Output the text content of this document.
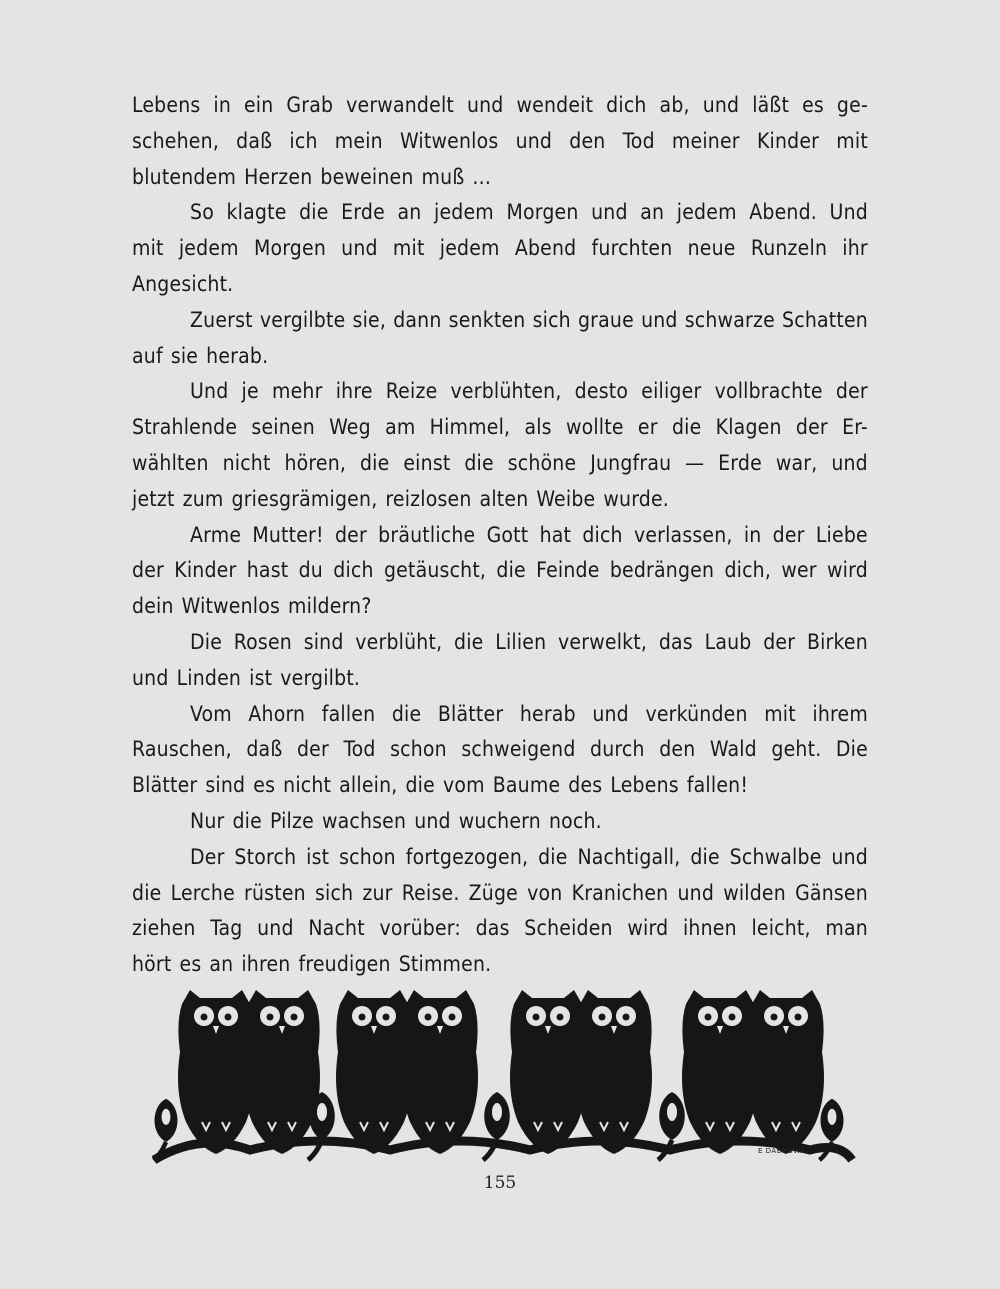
Lebens in ein Grab verwandelt und wendeit dich ab, und läßt es ge-
schehen, daß ich mein Witwenlos und den Tod meiner Kinder mit
blutendem Herzen beweinen muß ...
So klagte die Erde an jedem Morgen und an jedem Abend. Und
mit jedem Morgen und mit jedem Abend furchten neue Runzeln ihr
Angesicht.
Zuerst vergilbte sie, dann senkten sich graue und schwarze Schatten
auf sie herab.
Und je mehr ihre Reize verblühten, desto eiliger vollbrachte der
Strahlende seinen Weg am Himmel, als wollte er die Klagen der Er-
wählten nicht hören, die einst die schöne Jungfrau — Erde war, und
jetzt zum griesgrämigen, reizlosen alten Weibe wurde.
Arme Mutter! der bräutliche Gott hat dich verlassen, in der Liebe
der Kinder hast du dich getäuscht, die Feinde bedrängen dich, wer wird
dein Witwenlos mildern?
Die Rosen sind verblüht, die Lilien verwelkt, das Laub der Birken
und Linden ist vergilbt.
Vom Ahorn fallen die Blätter herab und verkünden mit ihrem
Rauschen, daß der Tod schon schweigend durch den Wald geht. Die
Blätter sind es nicht allein, die vom Baume des Lebens fallen!
Nur die Pilze wachsen und wuchern noch.
Der Storch ist schon fortgezogen, die Nachtigall, die Schwalbe und
die Lerche rüsten sich zur Reise. Züge von Kranichen und wilden Gänsen
ziehen Tag und Nacht vorüber: das Scheiden wird ihnen leicht, man
hört es an ihren freudigen Stimmen.
E DABROWA
155
